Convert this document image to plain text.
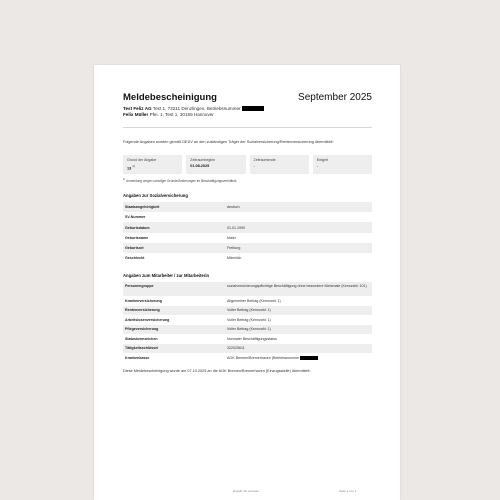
Meldebescheinigung	September 2025
Test Feliz AG Test 1, 73211 Denzlingen, Betriebsnummer
Felix Müller Pfei. 1, Test 1, 30159 Hannover
Folgende Angaben wurden gemäß DEÜV an den zuständigen Träger der Sozialversicherung/Rentenversicherung übermittelt:
Grund der Abgabe
13 $^{1)}$
Zeitraumbeginn
01.08.2025
Zeitraumende
-
Entgelt
-
$^{1)}$ Anmeldung wegen sonstiger Gründe/Änderungen im Beschäftigungsverhältnis
Angaben zur Sozialversicherung
Staatsangehörigkeit	deutsch
SV-Nummer
Geburtsdatum	01.01.1990
Geburtsname	Maier
Geburtsort	Freiburg
Geschlecht	Männlich
Angaben zum Mitarbeiter / zur Mitarbeiterin
Personengruppe	sozialversicherungspflichtige Beschäftigung ohne besondere Merkmale (Kennzahl: 101)
Krankenversicherung	Allgemeiner Beitrag (Kennzahl: 1)
Rentenversicherung	Voller Beitrag (Kennzahl: 1)
Arbeitslosenversicherung	Voller Beitrag (Kennzahl: 1)
Pflegeversicherung	Voller Beitrag (Kennzahl: 1)
Statuskennzeichen	Normaler Beschäftigungsstatus
Tätigkeitsschlüssel	322025611
Krankenkasse	AOK Bremen/Bremerhaven (Betriebsnummer
Diese Meldebescheinigung wurde am 07.10.2025 an die AOK Bremen/Bremerhaven (Einzugsstelle) übermittelt.
Erstellt mit Lexware	Seite 1 von 1
